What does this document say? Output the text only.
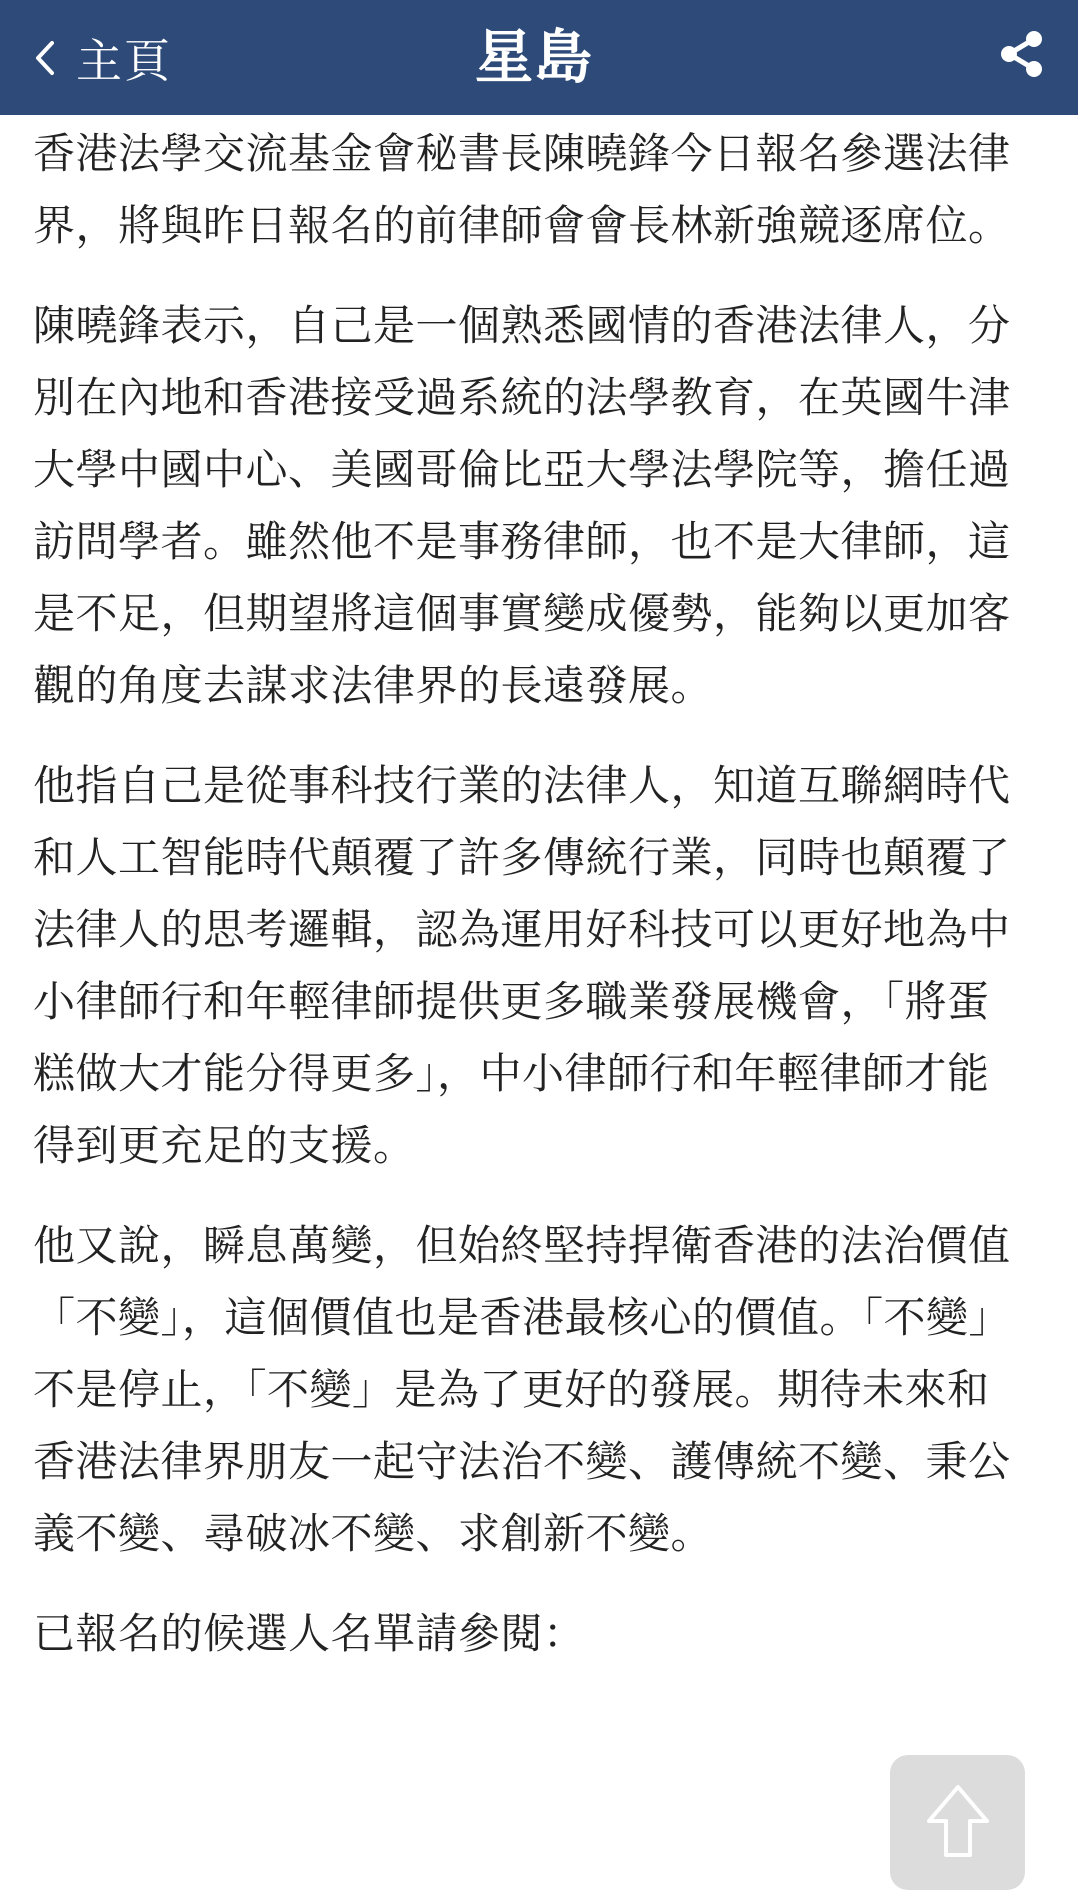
主頁	星島

香港法學交流基金會秘書長陳曉鋒今日報名參選法律界，將與昨日報名的前律師會會長林新強競逐席位。

陳曉鋒表示，自己是一個熟悉國情的香港法律人，分別在內地和香港接受過系統的法學教育，在英國牛津大學中國中心、美國哥倫比亞大學法學院等，擔任過訪問學者。雖然他不是事務律師，也不是大律師，這是不足，但期望將這個事實變成優勢，能夠以更加客觀的角度去謀求法律界的長遠發展。

他指自己是從事科技行業的法律人，知道互聯網時代和人工智能時代顛覆了許多傳統行業，同時也顛覆了法律人的思考邏輯，認為運用好科技可以更好地為中小律師行和年輕律師提供更多職業發展機會，「將蛋糕做大才能分得更多」，中小律師行和年輕律師才能得到更充足的支援。

他又說，瞬息萬變，但始終堅持捍衛香港的法治價值「不變」，這個價值也是香港最核心的價值。「不變」不是停止，「不變」是為了更好的發展。期待未來和香港法律界朋友一起守法治不變、護傳統不變、秉公義不變、尋破冰不變、求創新不變。

已報名的候選人名單請參閱：
